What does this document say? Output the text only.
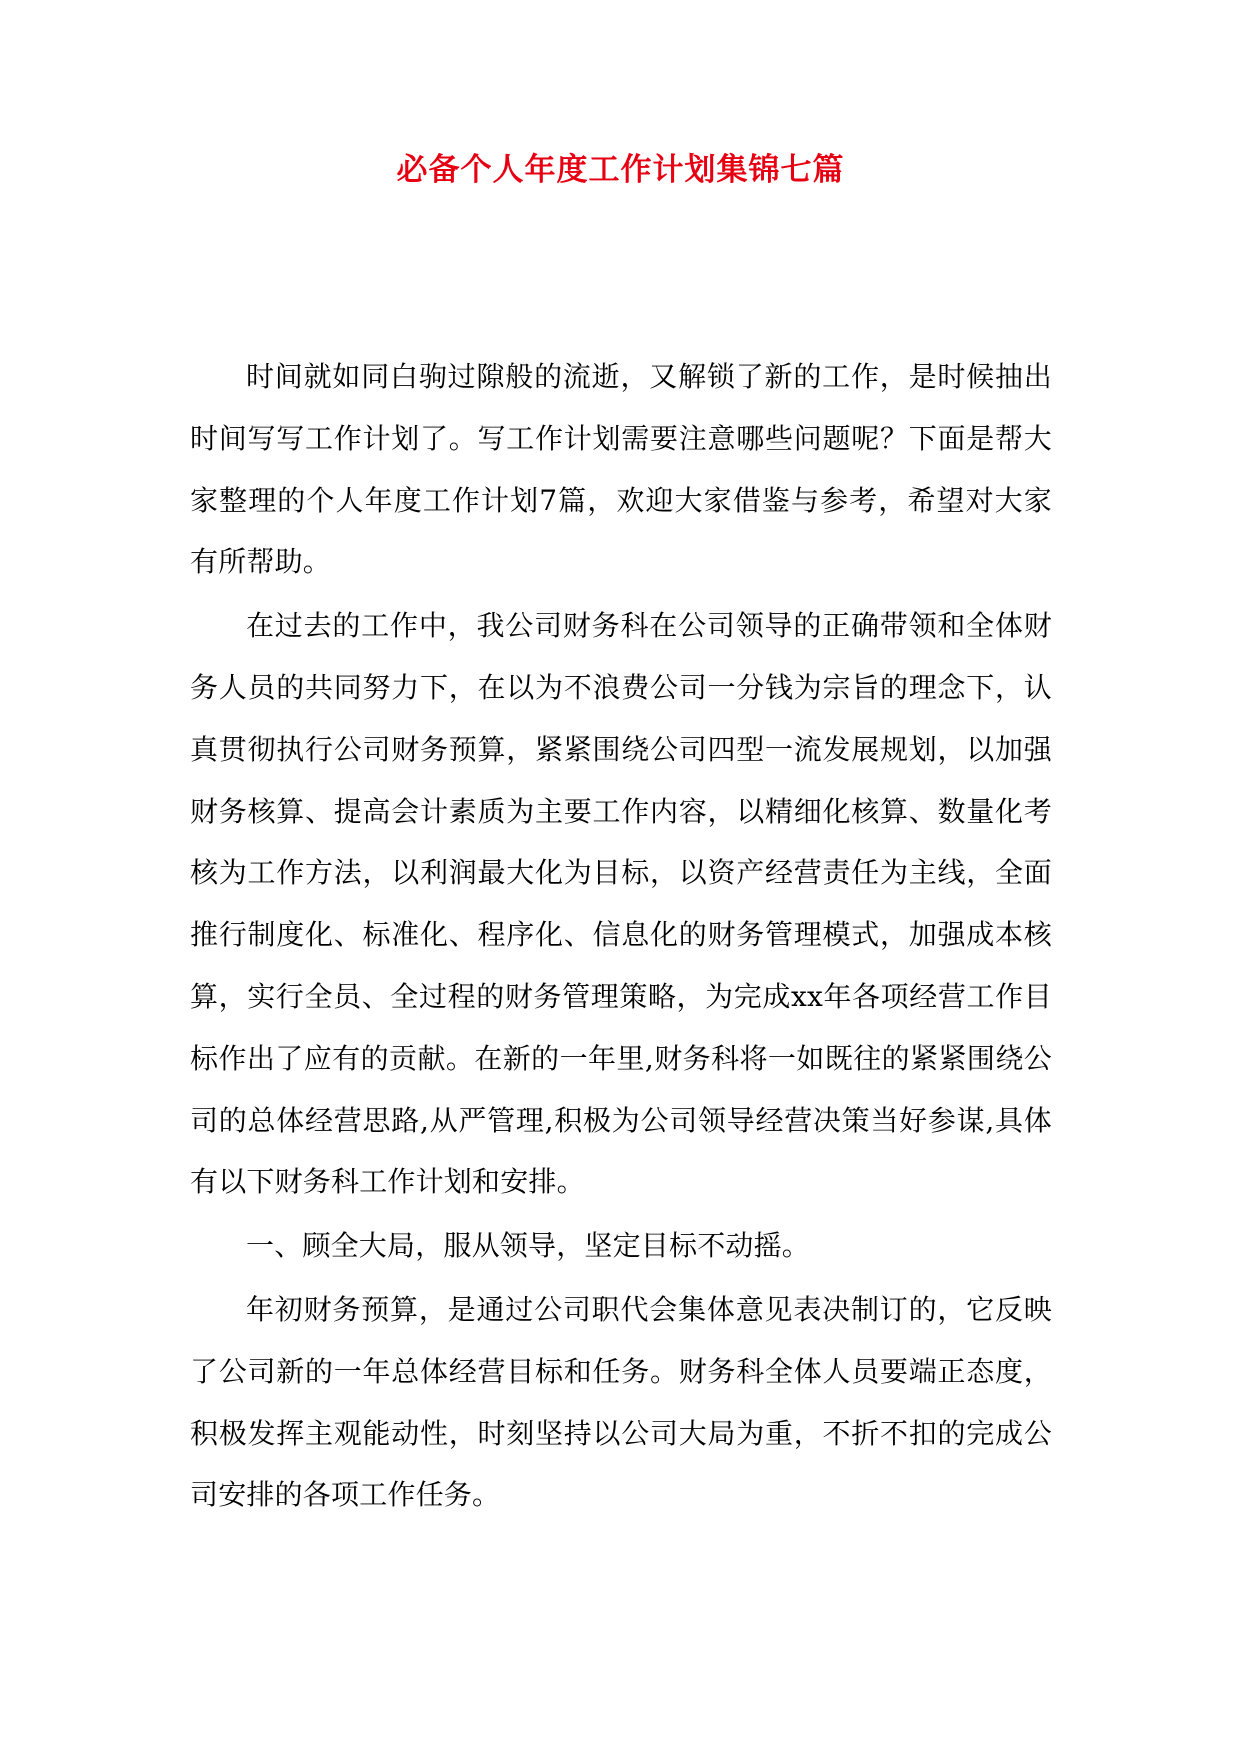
必备个人年度工作计划集锦七篇

时间就如同白驹过隙般的流逝，又解锁了新的工作，是时候抽出时间写写工作计划了。写工作计划需要注意哪些问题呢？下面是帮大家整理的个人年度工作计划7篇，欢迎大家借鉴与参考，希望对大家有所帮助。

在过去的工作中，我公司财务科在公司领导的正确带领和全体财务人员的共同努力下，在以为不浪费公司一分钱为宗旨的理念下，认真贯彻执行公司财务预算，紧紧围绕公司四型一流发展规划，以加强财务核算、提高会计素质为主要工作内容，以精细化核算、数量化考核为工作方法，以利润最大化为目标，以资产经营责任为主线，全面推行制度化、标准化、程序化、信息化的财务管理模式，加强成本核算，实行全员、全过程的财务管理策略，为完成xx年各项经营工作目标作出了应有的贡献。在新的一年里,财务科将一如既往的紧紧围绕公司的总体经营思路,从严管理,积极为公司领导经营决策当好参谋,具体有以下财务科工作计划和安排。

一、顾全大局，服从领导，坚定目标不动摇。

年初财务预算，是通过公司职代会集体意见表决制订的，它反映了公司新的一年总体经营目标和任务。财务科全体人员要端正态度，积极发挥主观能动性，时刻坚持以公司大局为重，不折不扣的完成公司安排的各项工作任务。
